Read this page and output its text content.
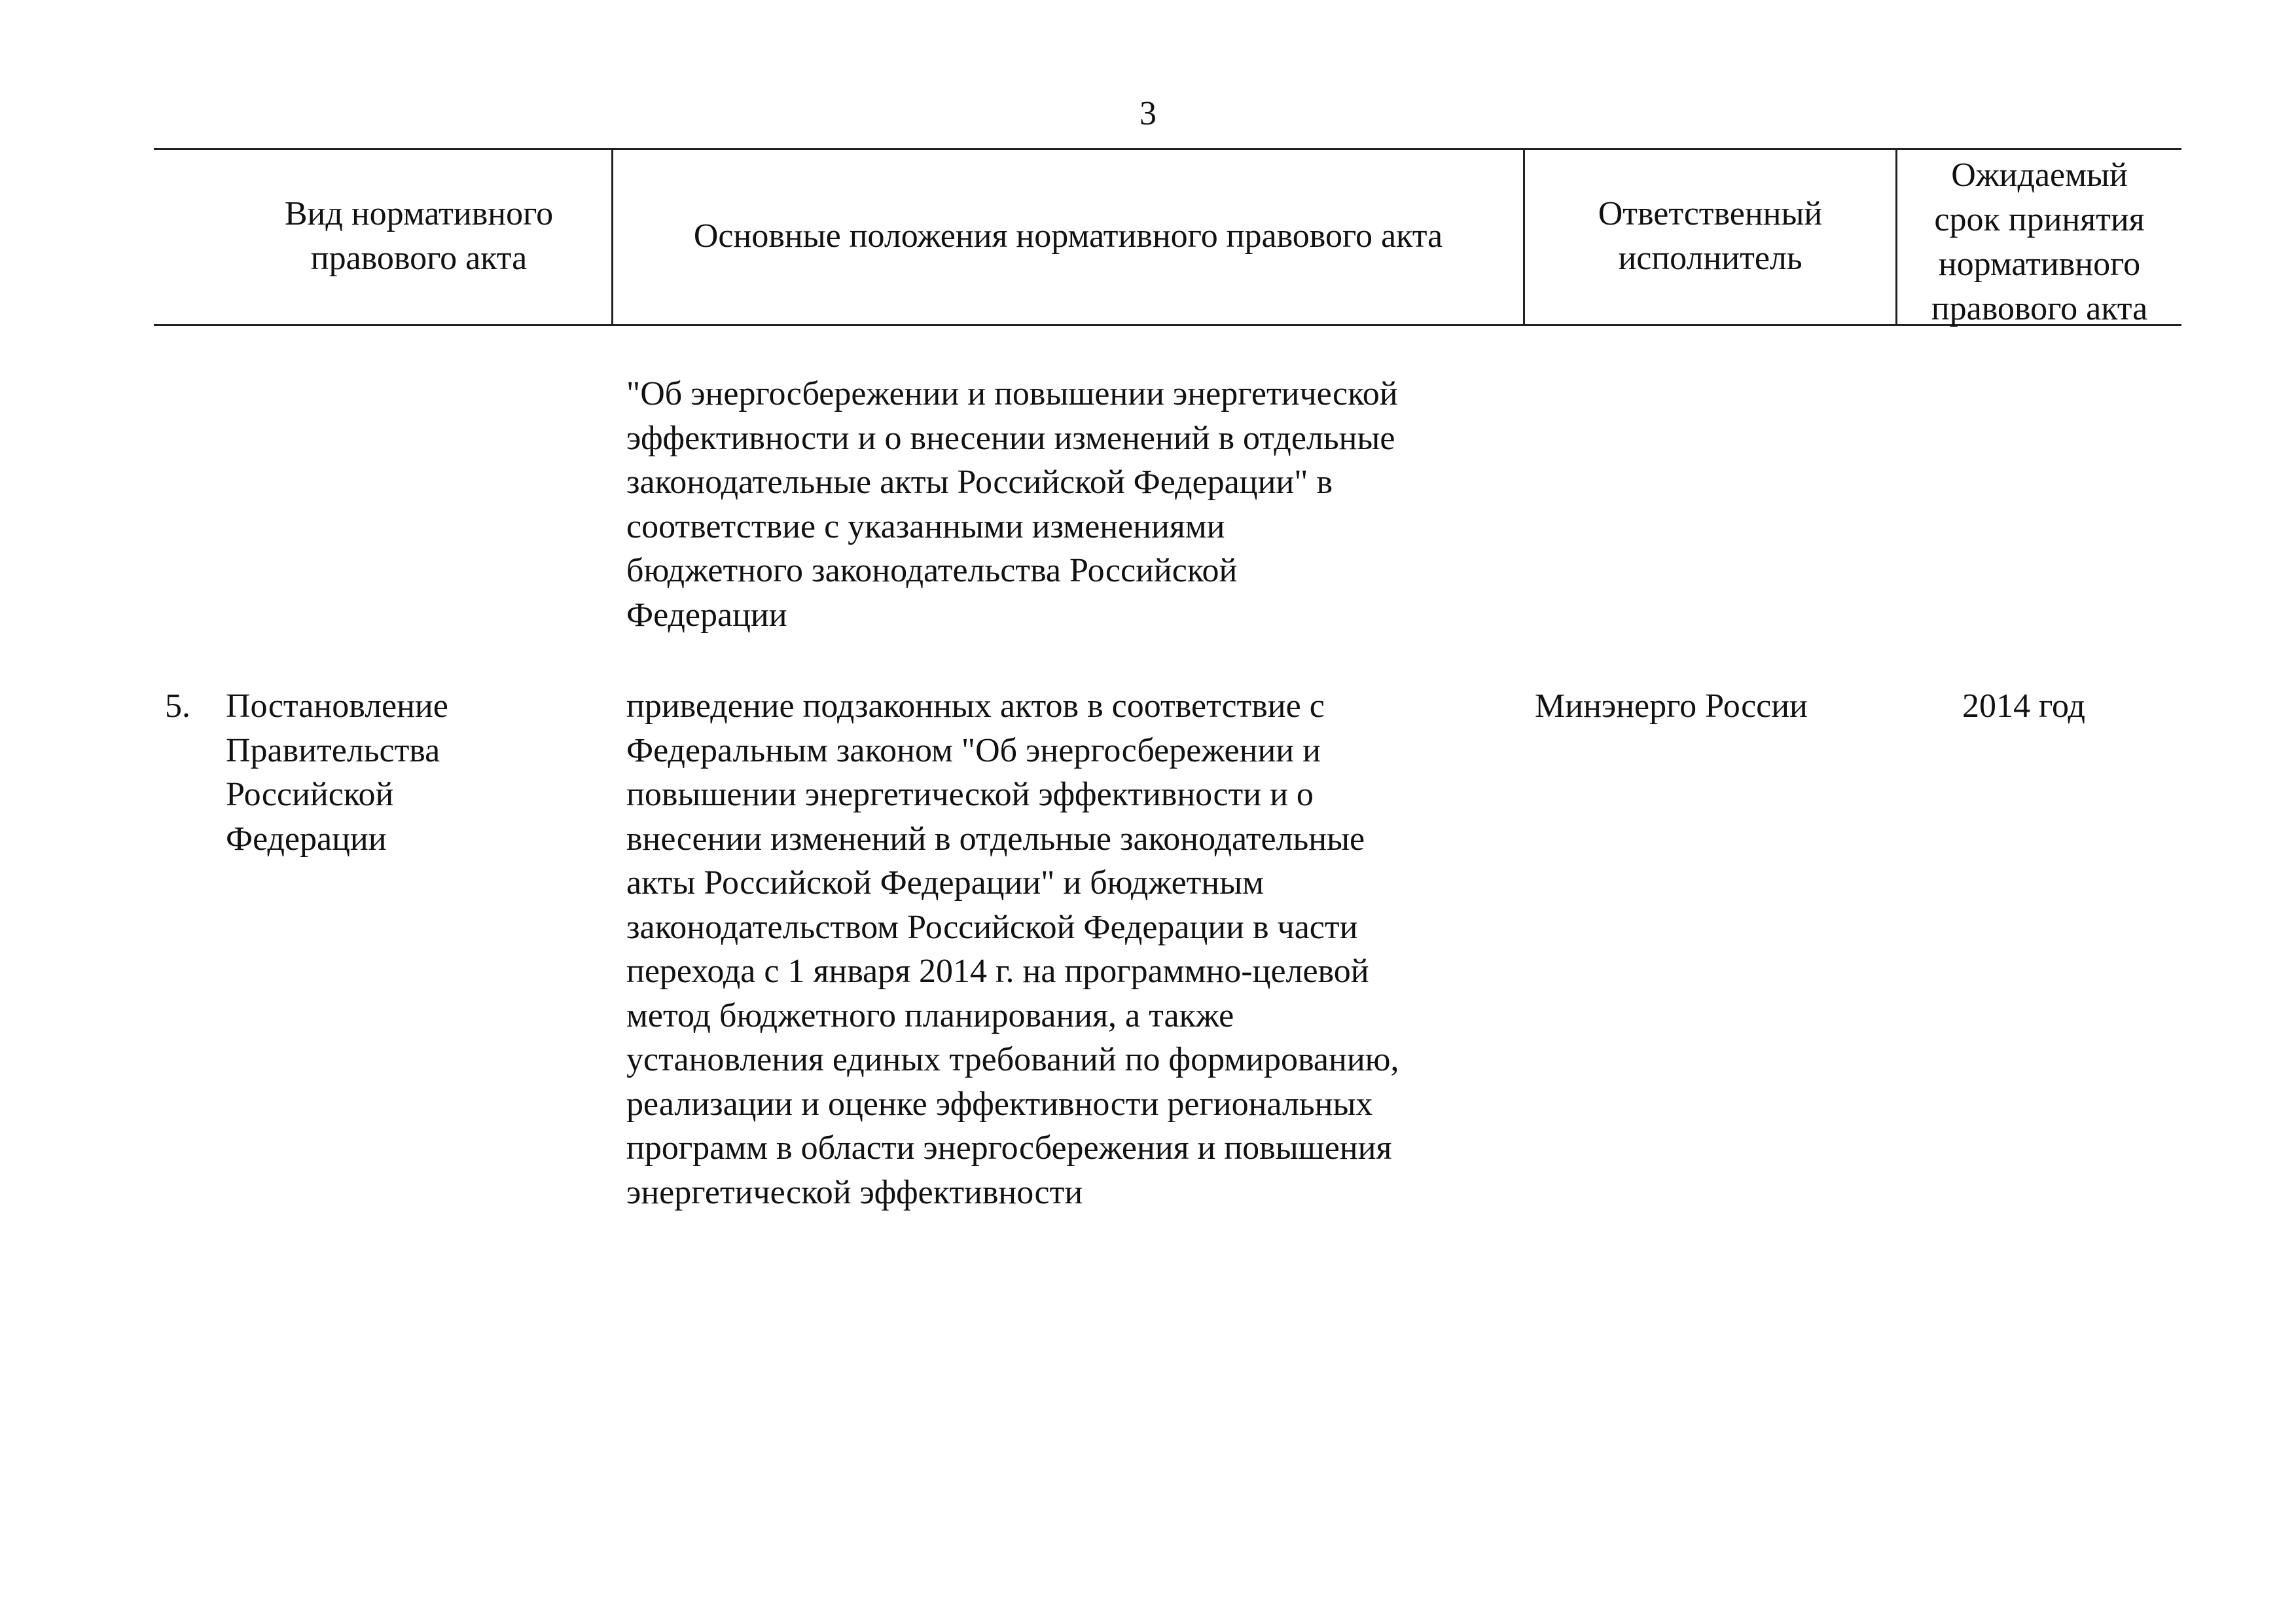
3
Вид нормативного
правового акта
Основные положения нормативного правового акта
Ответственный
исполнитель
Ожидаемый
срок принятия
нормативного
правового акта
"Об энергосбережении и повышении энергетической
эффективности и о внесении изменений в отдельные
законодательные акты Российской Федерации" в
соответствие с указанными изменениями
бюджетного законодательства Российской
Федерации
5. Постановление
Правительства
Российской
Федерации
приведение подзаконных актов в соответствие с
Федеральным законом "Об энергосбережении и
повышении энергетической эффективности и о
внесении изменений в отдельные законодательные
акты Российской Федерации" и бюджетным
законодательством Российской Федерации в части
перехода с 1 января 2014 г. на программно-целевой
метод бюджетного планирования, а также
установления единых требований по формированию,
реализации и оценке эффективности региональных
программ в области энергосбережения и повышения
энергетической эффективности
Минэнерго России	2014 год
